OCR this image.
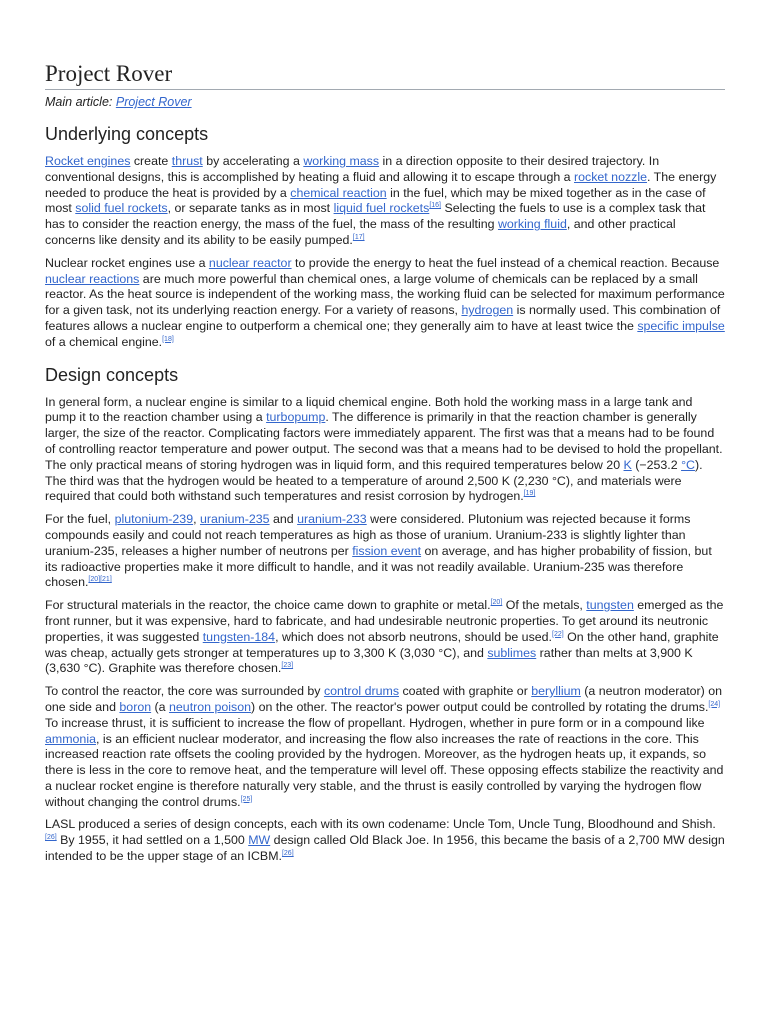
Project Rover
Main article: Project Rover
Underlying concepts

Rocket engines create thrust by accelerating a working mass in a direction opposite to their desired trajectory. In conventional designs, this is accomplished by heating a fluid and allowing it to escape through a rocket nozzle. The energy needed to produce the heat is provided by a chemical reaction in the fuel, which may be mixed together as in the case of most solid fuel rockets, or separate tanks as in most liquid fuel rockets[16] Selecting the fuels to use is a complex task that has to consider the reaction energy, the mass of the fuel, the mass of the resulting working fluid, and other practical concerns like density and its ability to be easily pumped.[17]

Nuclear rocket engines use a nuclear reactor to provide the energy to heat the fuel instead of a chemical reaction. Because nuclear reactions are much more powerful than chemical ones, a large volume of chemicals can be replaced by a small reactor. As the heat source is independent of the working mass, the working fluid can be selected for maximum performance for a given task, not its underlying reaction energy. For a variety of reasons, hydrogen is normally used. This combination of features allows a nuclear engine to outperform a chemical one; they generally aim to have at least twice the specific impulse of a chemical engine.[18]

Design concepts

In general form, a nuclear engine is similar to a liquid chemical engine. Both hold the working mass in a large tank and pump it to the reaction chamber using a turbopump. The difference is primarily in that the reaction chamber is generally larger, the size of the reactor. Complicating factors were immediately apparent. The first was that a means had to be found of controlling reactor temperature and power output. The second was that a means had to be devised to hold the propellant. The only practical means of storing hydrogen was in liquid form, and this required temperatures below 20 K (−253.2 °C). The third was that the hydrogen would be heated to a temperature of around 2,500 K (2,230 °C), and materials were required that could both withstand such temperatures and resist corrosion by hydrogen.[19]

For the fuel, plutonium-239, uranium-235 and uranium-233 were considered. Plutonium was rejected because it forms compounds easily and could not reach temperatures as high as those of uranium. Uranium-233 is slightly lighter than uranium-235, releases a higher number of neutrons per fission event on average, and has higher probability of fission, but its radioactive properties make it more difficult to handle, and it was not readily available. Uranium-235 was therefore chosen.[20][21]

For structural materials in the reactor, the choice came down to graphite or metal.[20] Of the metals, tungsten emerged as the front runner, but it was expensive, hard to fabricate, and had undesirable neutronic properties. To get around its neutronic properties, it was suggested tungsten-184, which does not absorb neutrons, should be used.[22] On the other hand, graphite was cheap, actually gets stronger at temperatures up to 3,300 K (3,030 °C), and sublimes rather than melts at 3,900 K (3,630 °C). Graphite was therefore chosen.[23]

To control the reactor, the core was surrounded by control drums coated with graphite or beryllium (a neutron moderator) on one side and boron (a neutron poison) on the other. The reactor's power output could be controlled by rotating the drums.[24] To increase thrust, it is sufficient to increase the flow of propellant. Hydrogen, whether in pure form or in a compound like ammonia, is an efficient nuclear moderator, and increasing the flow also increases the rate of reactions in the core. This increased reaction rate offsets the cooling provided by the hydrogen. Moreover, as the hydrogen heats up, it expands, so there is less in the core to remove heat, and the temperature will level off. These opposing effects stabilize the reactivity and a nuclear rocket engine is therefore naturally very stable, and the thrust is easily controlled by varying the hydrogen flow without changing the control drums.[25]

LASL produced a series of design concepts, each with its own codename: Uncle Tom, Uncle Tung, Bloodhound and Shish.[26] By 1955, it had settled on a 1,500 MW design called Old Black Joe. In 1956, this became the basis of a 2,700 MW design intended to be the upper stage of an ICBM.[26]
